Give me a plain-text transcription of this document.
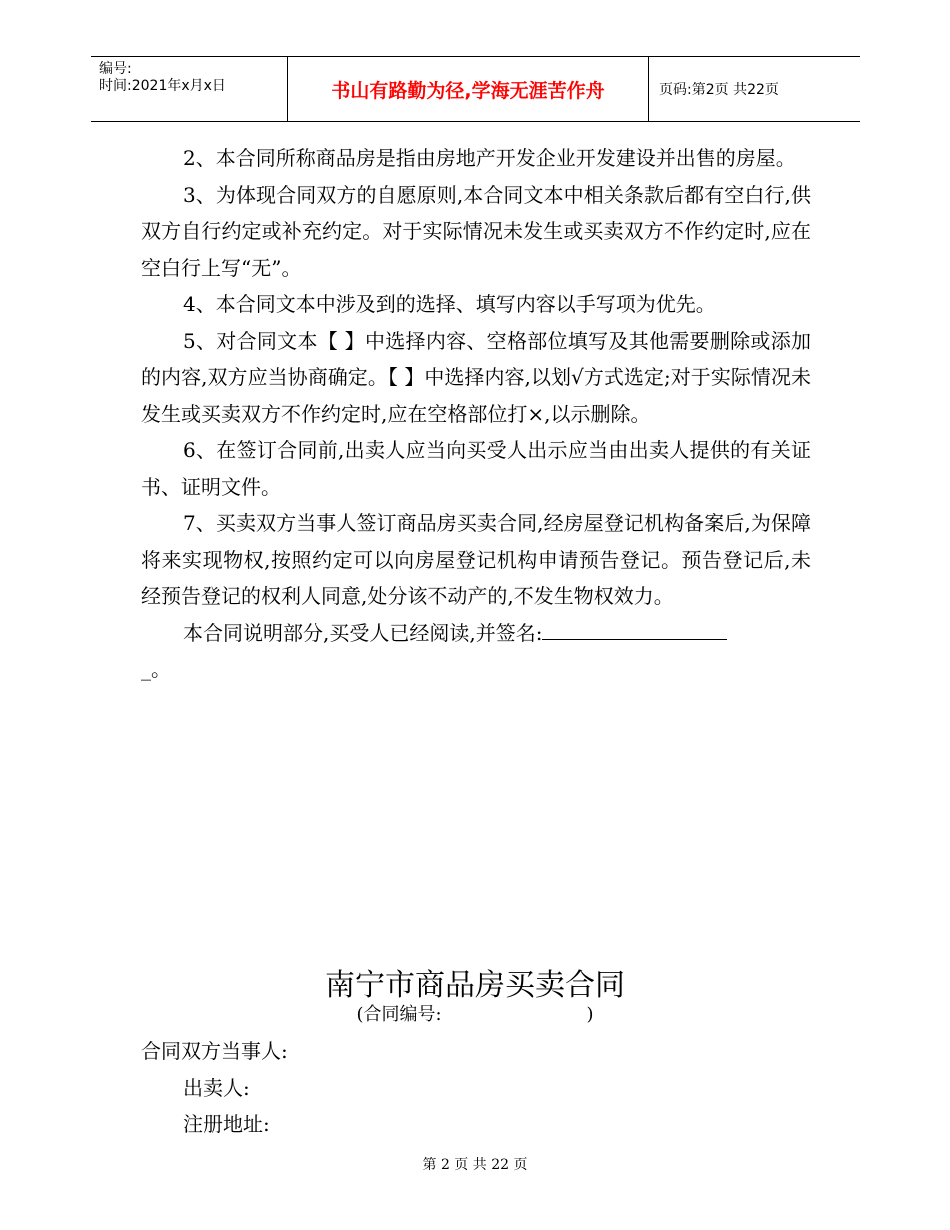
编号:
时间:2021年x月x日	书山有路勤为径,学海无涯苦作舟	页码:第2页 共22页

2、本合同所称商品房是指由房地产开发企业开发建设并出售的房屋。

3、为体现合同双方的自愿原则,本合同文本中相关条款后都有空白行,供双方自行约定或补充约定。对于实际情况未发生或买卖双方不作约定时,应在空白行上写“无”。

4、本合同文本中涉及到的选择、填写内容以手写项为优先。

5、对合同文本【 】中选择内容、空格部位填写及其他需要删除或添加的内容,双方应当协商确定。【 】中选择内容,以划√方式选定;对于实际情况未发生或买卖双方不作约定时,应在空格部位打×,以示删除。

6、在签订合同前,出卖人应当向买受人出示应当由出卖人提供的有关证书、证明文件。

7、买卖双方当事人签订商品房买卖合同,经房屋登记机构备案后,为保障将来实现物权,按照约定可以向房屋登记机构申请预告登记。预告登记后,未经预告登记的权利人同意,处分该不动产的,不发生物权效力。

本合同说明部分,买受人已经阅读,并签名:

_。
南宁市商品房买卖合同
(合同编号:	)
合同双方当事人:
出卖人:
注册地址:
第 2 页 共 22 页
